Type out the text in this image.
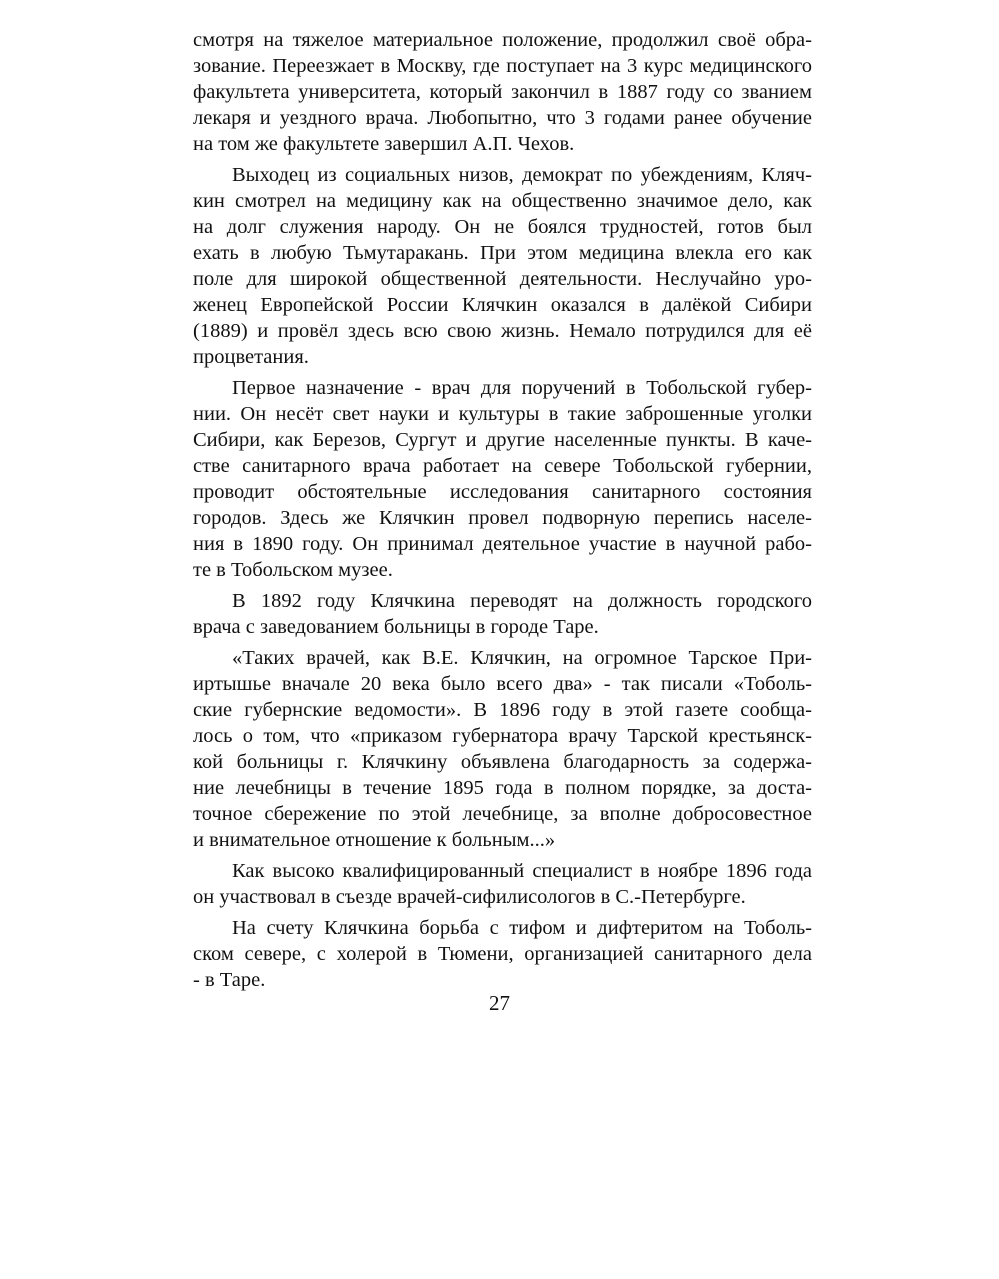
смотря на тяжелое материальное положение, продолжил своё обра-
зование. Переезжает в Москву, где поступает на 3 курс медицинского
факультета университета, который закончил в 1887 году со званием
лекаря и уездного врача. Любопытно, что 3 годами ранее обучение
на том же факультете завершил А.П. Чехов.
Выходец из социальных низов, демократ по убеждениям, Кляч-
кин смотрел на медицину как на общественно значимое дело, как
на долг служения народу. Он не боялся трудностей, готов был
ехать в любую Тьмутаракань. При этом медицина влекла его как
поле для широкой общественной деятельности. Неслучайно уро-
женец Европейской России Клячкин оказался в далёкой Сибири
(1889) и провёл здесь всю свою жизнь. Немало потрудился для её
процветания.
Первое назначение - врач для поручений в Тобольской губер-
нии. Он несёт свет науки и культуры в такие заброшенные уголки
Сибири, как Березов, Сургут и другие населенные пункты. В каче-
стве санитарного врача работает на севере Тобольской губернии,
проводит обстоятельные исследования санитарного состояния
городов. Здесь же Клячкин провел подворную перепись населе-
ния в 1890 году. Он принимал деятельное участие в научной рабо-
те в Тобольском музее.
В 1892 году Клячкина переводят на должность городского
врача с заведованием больницы в городе Таре.
«Таких врачей, как В.Е. Клячкин, на огромное Тарское При-
иртышье вначале 20 века было всего два» - так писали «Тоболь-
ские губернские ведомости». В 1896 году в этой газете сообща-
лось о том, что «приказом губернатора врачу Тарской крестьянск-
кой больницы г. Клячкину объявлена благодарность за содержа-
ние лечебницы в течение 1895 года в полном порядке, за доста-
точное сбережение по этой лечебнице, за вполне добросовестное
и внимательное отношение к больным...»
Как высоко квалифицированный специалист в ноябре 1896 года
он участвовал в съезде врачей-сифилисологов в С.-Петербурге.
На счету Клячкина борьба с тифом и дифтеритом на Тоболь-
ском севере, с холерой в Тюмени, организацией санитарного дела
- в Таре.
27
